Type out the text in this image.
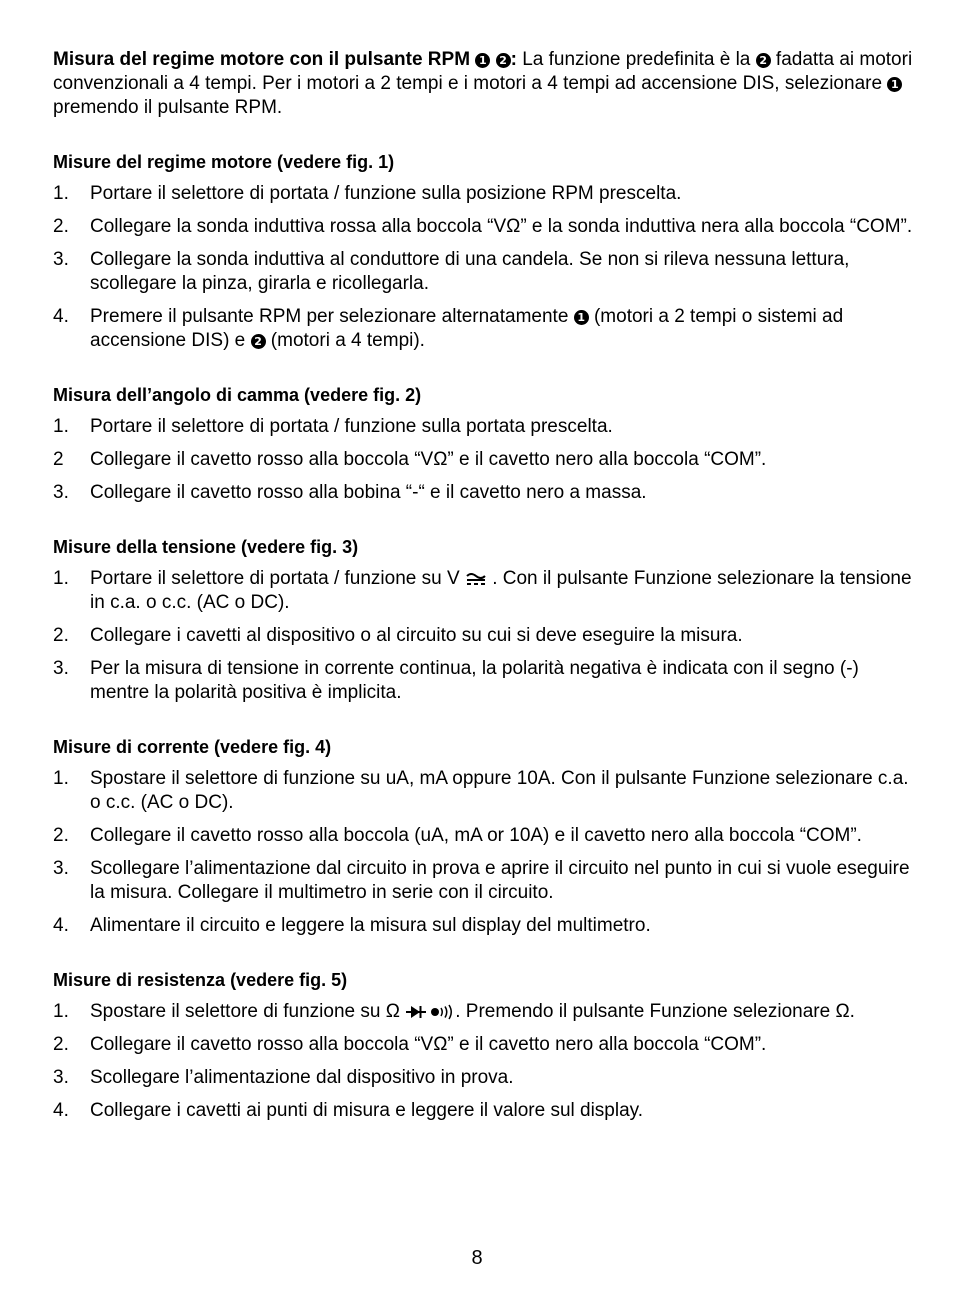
Misura del regime motore con il pulsante RPM 1 2 : La funzione predefinita è la 2 fadatta ai motori convenzionali a 4 tempi. Per i motori a 2 tempi e i motori a 4 tempi ad accensione DIS, selezionare 1 premendo il pulsante RPM.

Misure del regime motore (vedere fig. 1)
1.	Portare il selettore di portata / funzione sulla posizione RPM prescelta.
2.	Collegare la sonda induttiva rossa alla boccola “VΩ” e la sonda induttiva nera alla boccola “COM”.
3.	Collegare la sonda induttiva al conduttore di una candela. Se non si rileva nessuna lettura, scollegare la pinza, girarla e ricollegarla.
4.	Premere il pulsante RPM per selezionare alternatamente 1 (motori a 2 tempi o sistemi ad accensione DIS) e 2 (motori a 4 tempi).
Misura dell’angolo di camma (vedere fig. 2)
1.	Portare il selettore di portata / funzione sulla portata prescelta.
2	Collegare il cavetto rosso alla boccola “VΩ” e il cavetto nero alla boccola “COM”.
3.	Collegare il cavetto rosso alla bobina “-“ e il cavetto nero a massa.
Misure della tensione (vedere fig. 3)
1.	Portare il selettore di portata / funzione su V  . Con il pulsante Funzione selezionare la tensione in c.a. o c.c. (AC o DC).
2.	Collegare i cavetti al dispositivo o al circuito su cui si deve eseguire la misura.
3.	Per la misura di tensione in corrente continua, la polarità negativa è indicata con il segno (-) mentre la polarità positiva è implicita.
Misure di corrente (vedere fig. 4)
1.	Spostare il selettore di funzione su uA, mA oppure 10A. Con il pulsante Funzione selezionare c.a. o c.c. (AC o DC).
2.	Collegare il cavetto rosso alla boccola (uA, mA or 10A) e il cavetto nero alla boccola “COM”.
3.	Scollegare l’alimentazione dal circuito in prova e aprire il circuito nel punto in cui si vuole eseguire la misura. Collegare il multimetro in serie con il circuito.
4.	Alimentare il circuito e leggere la misura sul display del multimetro.
Misure di resistenza (vedere fig. 5)
1.	Spostare il selettore di funzione su Ω	. Premendo il pulsante Funzione selezionare Ω.
2.	Collegare il cavetto rosso alla boccola “VΩ” e il cavetto nero alla boccola “COM”.
3.	Scollegare l’alimentazione dal dispositivo in prova.
4.	Collegare i cavetti ai punti di misura e leggere il valore sul display.
8
